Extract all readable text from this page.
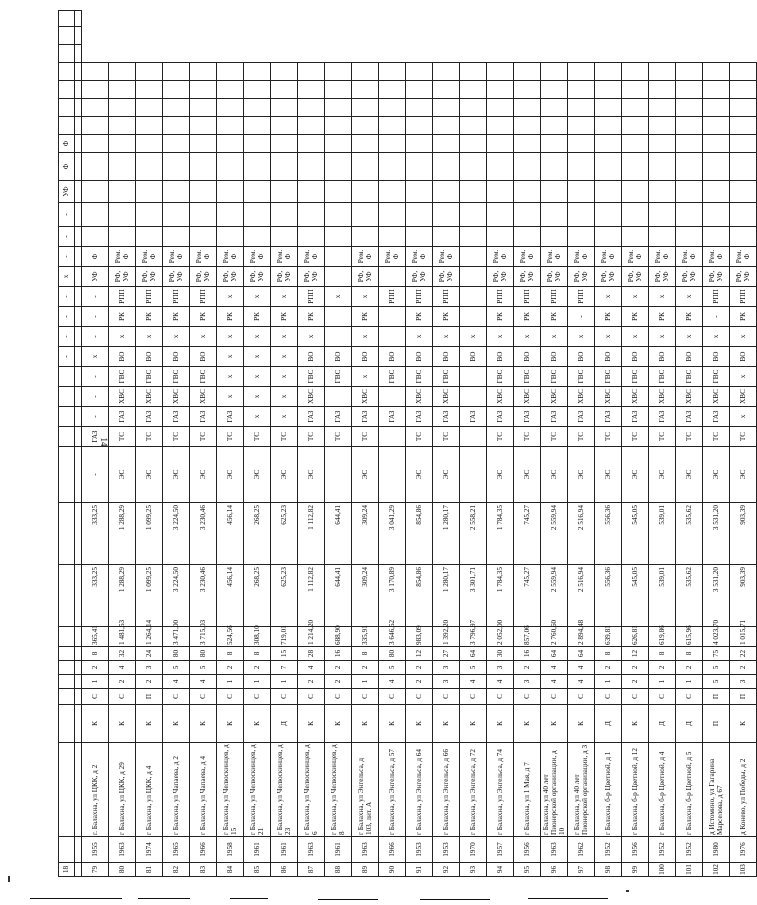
14
18																-	-	-	-	х	-	-	-	УФ	Ф	Ф							

79	1955	г. Балахна, ул ЦКК, д 2	К	С	1	2	8	365,41	333,25	333,25	-	ГАЗ	-	-	-	х	-	-	-	УФ	Ф												
80	1963	г Балахна, ул ЦКК, д 29	К	С	2	4	32	1 481,53	1 288,29	1 288,29	ЭС	ТС	ГАЗ	ХВС	ГВС	ВО	х	РК	РПП	РФ, УФ	Рем. Ф												
81	1974	г Балахна, ул ЦКК, д 4	К	П	2	3	24	1 264,14	1 099,25	1 099,25	ЭС	ТС	ГАЗ	ХВС	ГВС	ВО	х	РК	РПП	РФ, УФ	Рем. Ф												
82	1965	г Балахна, ул Чапаева, д 2	К	С	4	5	80	3 471,00	3 224,50	3 224,50	ЭС	ТС	ГАЗ	ХВС	ГВС	ВО	х	РК	РПП	РФ, УФ	Рем. Ф												
83	1966	г Балахна, ул Чапаева, д 4	К	С	4	5	80	3 715,03	3 230,46	3 230,46	ЭС	ТС	ГАЗ	ХВС	ГВС	ВО	х	РК	РПП	РФ, УФ	Рем. Ф												
84	1958	г Балахна, ул Челюскинцев, д 15	К	С	1	2	8	524,56	456,14	456,14	ЭС	ТС	ГАЗ	х	х	х	х	РК	х	РФ, УФ	Рем. Ф												
85	1961	г Балахна, ул Челюскинцев, д 21	К	С	1	2	8	308,10	268,25	268,25	ЭС	ТС	х	х	х	х	х	РК	х	РФ, УФ	Рем. Ф												
86	1961	г Балахна, ул Челюскинцев, д 23	Д	С	1	7	15	719,01	625,23	625,23	ЭС	ТС	х	х	х	х	х	РК	х	РФ, УФ	Рем. Ф												
87	1963	г Балахна, ул Челюскинцев, д 6	К	С	2	4	28	1 214,20	1 112,82	1 112,82	ЭС	ТС	ГАЗ	ХВС	ГВС	ВО	х	РК	РПП	РФ, УФ	Рем. Ф												
88	1961	г Балахна, ул Челюскинцев, д 8	К	С	2	2	16	688,90	644,41	644,41		ТС	ГАЗ		ГВС	ВО			х														
89	1963	г Балахна, ул Энгельса, д 103, лит. А	К	С	1	2	8	335,91	309,24	309,24	ЭС	ТС	ГАЗ	ХВС	х	ВО	х	РК	х	РФ, УФ	Рем. Ф												
90	1966	г Балахна, ул Энгельса, д 57	К	С	4	5	80	3 646,52	3 170,89	3 041,29			ГАЗ		ГВС	ВО			РПП		Рем. Ф												
91	1953	г Балахна, ул Энгельса, д 64	К	С	2	2	12	983,09	854,86	854,86	ЭС	ТС	ГАЗ	ХВС	ГВС	ВО	х	РК	РПП	РФ, УФ	Рем. Ф												
92	1953	г Балахна, ул Энгельса, д 66	К	С	3	3	27	1 392,20	1 280,17	1 280,17	ЭС	ТС	ГАЗ	ХВС	ГВС	ВО	х	РК	РПП	РФ, УФ	Рем. Ф												
93	1970	г Балахна, ул Энгельса, д 72	К	С	4	5	64	3 796,97	3 301,71	2 558,21			ГАЗ			ВО	х																
94	1957	г Балахна, ул Энгельса, д 74	К	С	4	3	30	2 052,00	1 784,35	1 784,35	ЭС	ТС	ГАЗ	ХВС	ГВС	ВО	х	РК	РПП	РФ, УФ	Рем. Ф												
95	1956	г Балахна, ул 1 Мая, д 7	К	С	3	2	16	857,06	745,27	745,27	ЭС	ТС	ГАЗ	ХВС	ГВС	ВО	х	РК	РПП	РФ, УФ	Рем. Ф												
96	1963	г Балахна, ул 40 лет Пионерской организации, д 10	К	С	4	4	64	2 760,60	2 559,94	2 559,94	ЭС	ТС	ГАЗ	ХВС	ГВС	ВО	х	РК	РПП	РФ, УФ	Рем. Ф												
97	1962	г Балахна, ул 40 лет Пионерской организации, д 3	К	С	4	4	64	2 894,48	2 516,94	2 516,94	ЭС	ТС	ГАЗ	ХВС	ГВС	ВО	х	-	РПП	РФ, УФ	Рем. Ф												
98	1952	г Балахна, б-р Цветной, д 1	Д	С	1	2	8	639,81	556,36	556,36	ЭС	ТС	ГАЗ	ХВС	ГВС	ВО	х	РК	х	РФ, УФ	Рем. Ф												
99	1956	г Балахна, б-р Цветной, д 12	К	С	2	2	12	626,81	545,05	545,05	ЭС	ТС	ГАЗ	ХВС	ГВС	ВО	х	РК	х	РФ, УФ	Рем. Ф												
100	1952	г Балахна, б-р Цветной, д 4	Д	С	1	2	8	619,86	539,01	539,01	ЭС	ТС	ГАЗ	ХВС	ГВС	ВО	х	РК	х	РФ, УФ	Рем. Ф												
101	1952	г Балахна, б-р Цветной, д 5	Д	С	1	2	8	615,96	535,62	535,62	ЭС	ТС	ГАЗ	ХВС	ГВС	ВО	х	РК	х	РФ, УФ	Рем. Ф												
102	1980	д Истомино, ул Гагарина Марселова, д 67	П	П	5	5	75	4 023,70	3 531,20	3 531,20	ЭС	ТС	ГАЗ	ХВС	ГВС	ВО	х	-	РПП	РФ, УФ	Рем. Ф												
103	1976	д Конево, ул Победы, д 2	К	П	3	2	22	1 015,71	903,39	903,39	ЭС	ТС	х	ХВС	х	ВО	х	РК	РПП	РФ, УФ	Рем. Ф												
